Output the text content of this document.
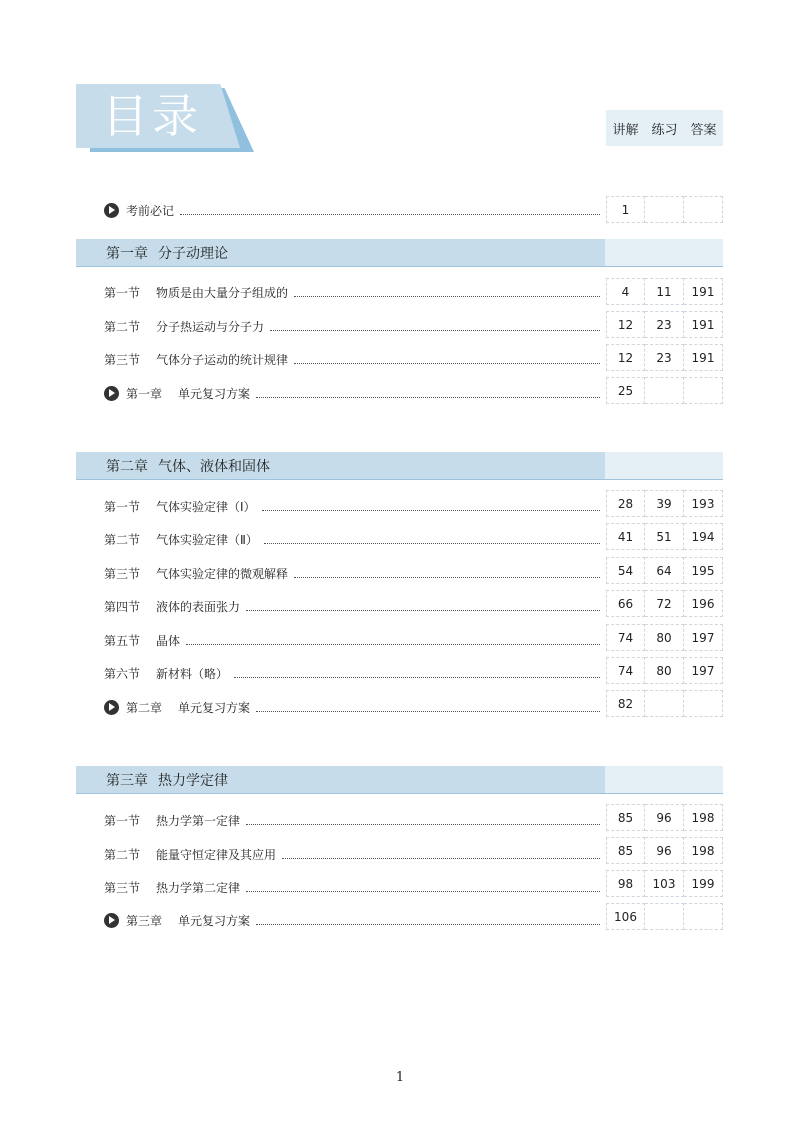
目录	讲解 练习 答案
考前必记	1
第一章 分子动理论
第一节	物质是由大量分子组成的	4	11	191
第二节	分子热运动与分子力	12	23	191
第三节	气体分子运动的统计规律	12	23	191
第一章	单元复习方案	25
第二章 气体、液体和固体
第一节	气体实验定律（Ⅰ）	28	39	193
第二节	气体实验定律（Ⅱ）	41	51	194
第三节	气体实验定律的微观解释	54	64	195
第四节	液体的表面张力	66	72	196
第五节	晶体	74	80	197
第六节	新材料（略）	74	80	197
第二章	单元复习方案	82
第三章 热力学定律
第一节	热力学第一定律	85	96	198
第二节	能量守恒定律及其应用	85	96	198
第三节	热力学第二定律	98	103	199
第三章	单元复习方案	106
1
